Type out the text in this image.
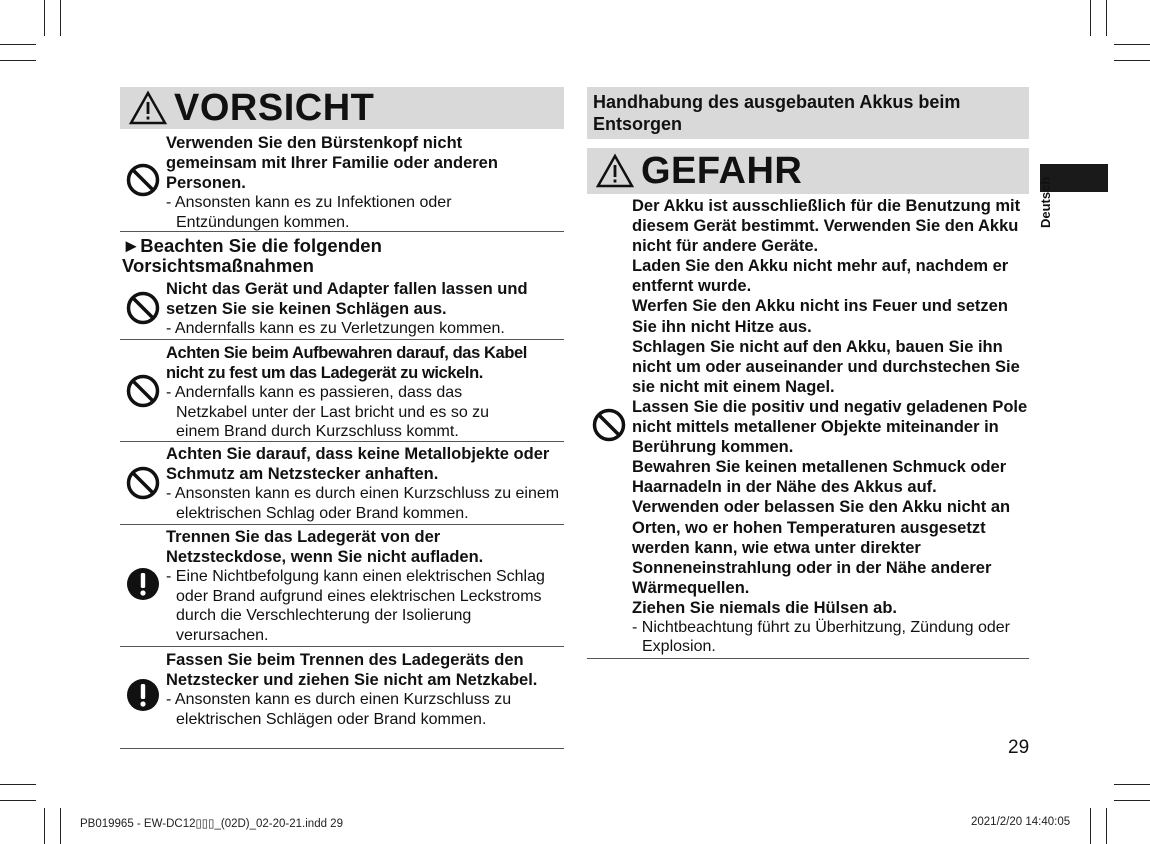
VORSICHT
Verwenden Sie den Bürstenkopf nicht gemeinsam mit Ihrer Familie oder anderen Personen.
- Ansonsten kann es zu Infektionen oder Entzündungen kommen.
►Beachten Sie die folgenden Vorsichtsmaßnahmen
Nicht das Gerät und Adapter fallen lassen und setzen Sie sie keinen Schlägen aus.
- Andernfalls kann es zu Verletzungen kommen.
Achten Sie beim Aufbewahren darauf, das Kabel nicht zu fest um das Ladegerät zu wickeln.
- Andernfalls kann es passieren, dass das Netzkabel unter der Last bricht und es so zu einem Brand durch Kurzschluss kommt.
Achten Sie darauf, dass keine Metallobjekte oder Schmutz am Netzstecker anhaften.
- Ansonsten kann es durch einen Kurzschluss zu einem elektrischen Schlag oder Brand kommen.
Trennen Sie das Ladegerät von der Netzsteckdose, wenn Sie nicht aufladen.
- Eine Nichtbefolgung kann einen elektrischen Schlag oder Brand aufgrund eines elektrischen Leckstroms durch die Verschlechterung der Isolierung verursachen.
Fassen Sie beim Trennen des Ladegeräts den Netzstecker und ziehen Sie nicht am Netzkabel.
- Ansonsten kann es durch einen Kurzschluss zu elektrischen Schlägen oder Brand kommen.
Handhabung des ausgebauten Akkus beim Entsorgen
GEFAHR
Der Akku ist ausschließlich für die Benutzung mit diesem Gerät bestimmt. Verwenden Sie den Akku nicht für andere Geräte.
Laden Sie den Akku nicht mehr auf, nachdem er entfernt wurde.
Werfen Sie den Akku nicht ins Feuer und setzen Sie ihn nicht Hitze aus.
Schlagen Sie nicht auf den Akku, bauen Sie ihn nicht um oder auseinander und durchstechen Sie sie nicht mit einem Nagel.
Lassen Sie die positiv und negativ geladenen Pole nicht mittels metallener Objekte miteinander in Berührung kommen.
Bewahren Sie keinen metallenen Schmuck oder Haarnadeln in der Nähe des Akkus auf.
Verwenden oder belassen Sie den Akku nicht an Orten, wo er hohen Temperaturen ausgesetzt werden kann, wie etwa unter direkter Sonneneinstrahlung oder in der Nähe anderer Wärmequellen.
Ziehen Sie niemals die Hülsen ab.
- Nichtbeachtung führt zu Überhitzung, Zündung oder Explosion.
Deutsch
29
PB019965 - EW-DC12▯▯▯_(02D)_02-20-21.indd 29	2021/2/20 14:40:05
